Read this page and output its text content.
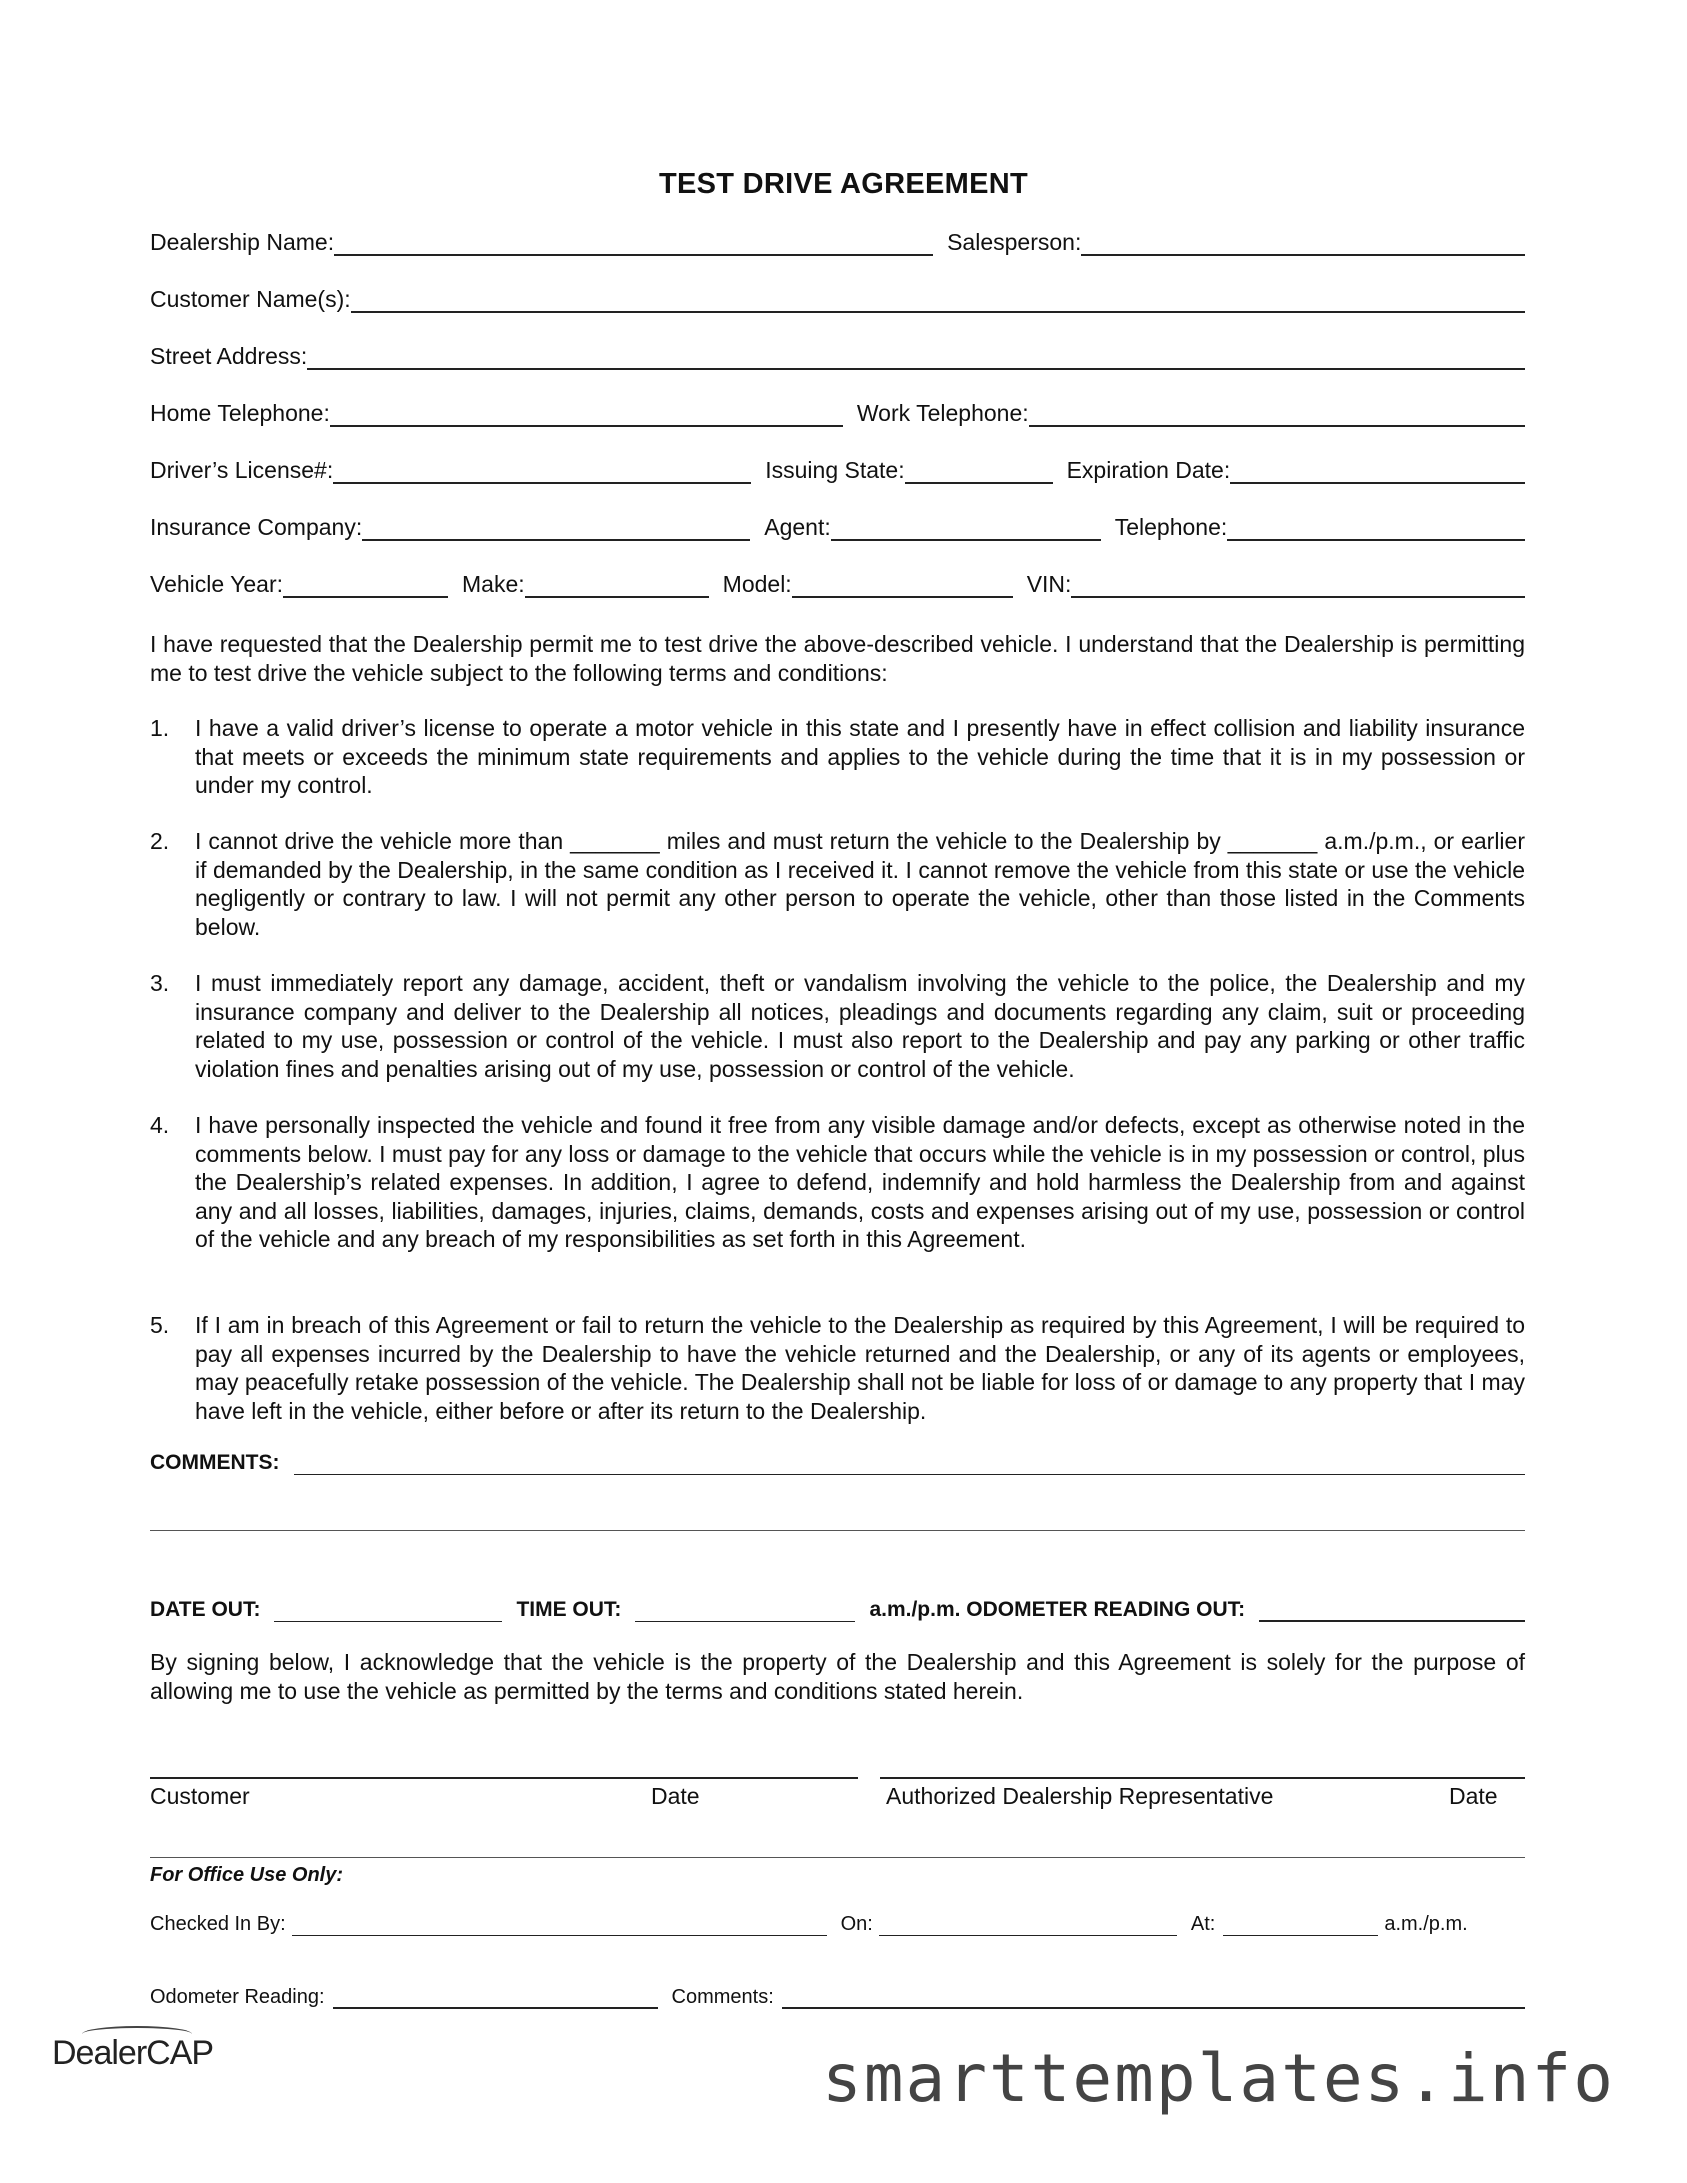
TEST DRIVE AGREEMENT
Dealership Name:	Salesperson:
Customer Name(s):
Street Address:
Home Telephone:	Work Telephone:
Driver’s License#:	Issuing State:	Expiration Date:
Insurance Company:	Agent:	Telephone:
Vehicle Year:	Make:	Model:	VIN:
I have requested that the Dealership permit me to test drive the above-described vehicle. I understand that the Dealership is permitting me to test drive the vehicle subject to the following terms and conditions:
1. I have a valid driver’s license to operate a motor vehicle in this state and I presently have in effect collision and liability insurance that meets or exceeds the minimum state requirements and applies to the vehicle during the time that it is in my possession or under my control.
2. I cannot drive the vehicle more than _______ miles and must return the vehicle to the Dealership by _______ a.m./p.m., or earlier if demanded by the Dealership, in the same condition as I received it. I cannot remove the vehicle from this state or use the vehicle negligently or contrary to law. I will not permit any other person to operate the vehicle, other than those listed in the Comments below.
3. I must immediately report any damage, accident, theft or vandalism involving the vehicle to the police, the Dealership and my insurance company and deliver to the Dealership all notices, pleadings and documents regarding any claim, suit or proceeding related to my use, possession or control of the vehicle. I must also report to the Dealership and pay any parking or other traffic violation fines and penalties arising out of my use, possession or control of the vehicle.
4. I have personally inspected the vehicle and found it free from any visible damage and/or defects, except as otherwise noted in the comments below. I must pay for any loss or damage to the vehicle that occurs while the vehicle is in my possession or control, plus the Dealership’s related expenses. In addition, I agree to defend, indemnify and hold harmless the Dealership from and against any and all losses, liabilities, damages, injuries, claims, demands, costs and expenses arising out of my use, possession or control of the vehicle and any breach of my responsibilities as set forth in this Agreement.
5. If I am in breach of this Agreement or fail to return the vehicle to the Dealership as required by this Agreement, I will be required to pay all expenses incurred by the Dealership to have the vehicle returned and the Dealership, or any of its agents or employees, may peacefully retake possession of the vehicle. The Dealership shall not be liable for loss of or damage to any property that I may have left in the vehicle, either before or after its return to the Dealership.
COMMENTS:
DATE OUT:	TIME OUT:	a.m./p.m. ODOMETER READING OUT:
By signing below, I acknowledge that the vehicle is the property of the Dealership and this Agreement is solely for the purpose of allowing me to use the vehicle as permitted by the terms and conditions stated herein.
Customer	Date	Authorized Dealership Representative	Date
For Office Use Only:
Checked In By:	On:	At:	a.m./p.m.
Odometer Reading:	Comments:
DealerCAP	smarttemplates.info
